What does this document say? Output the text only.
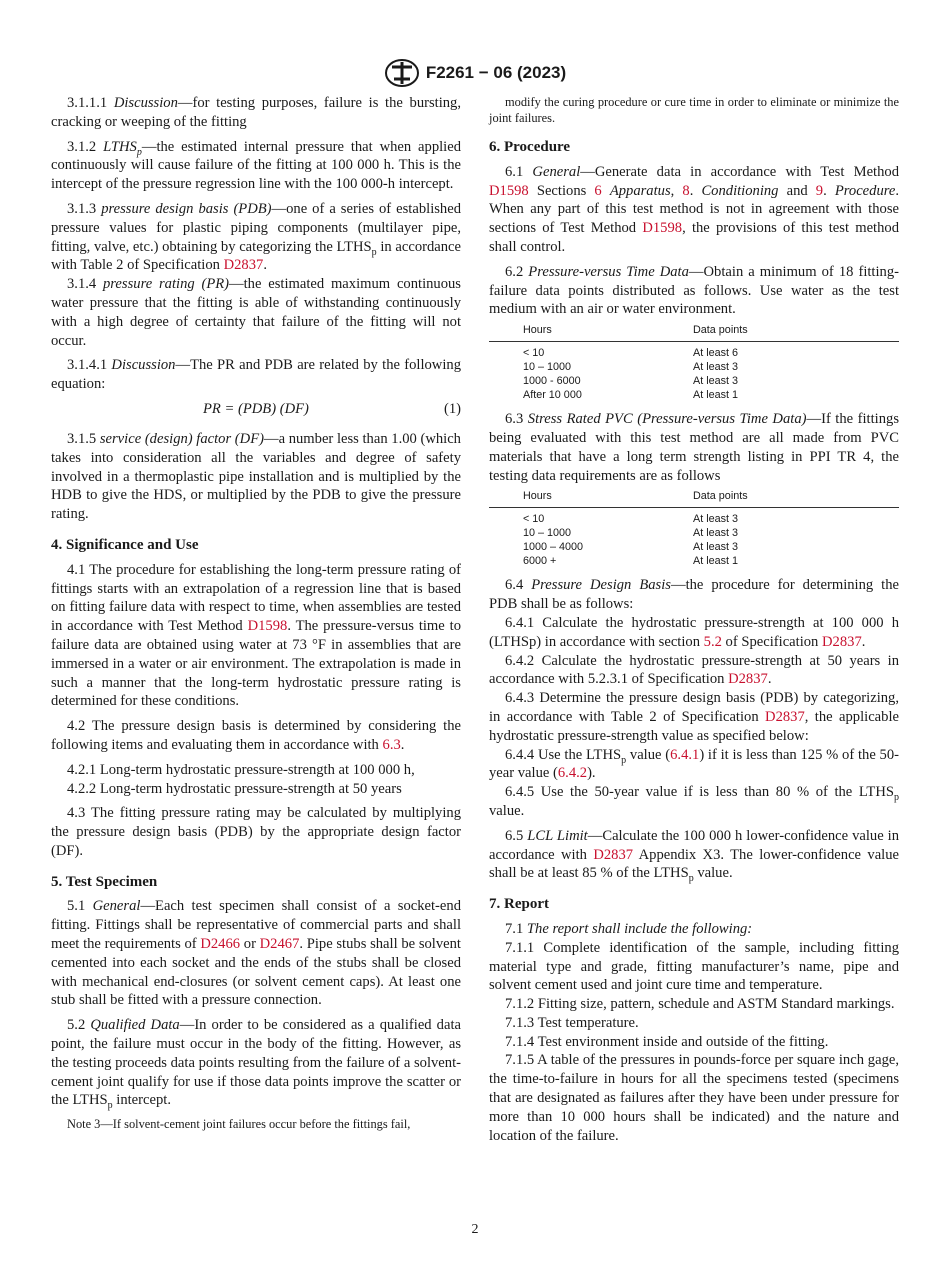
F2261 − 06 (2023)

3.1.1.1 Discussion—for testing purposes, failure is the bursting, cracking or weeping of the fitting

3.1.2 $LTHS_p—the$ estimated internal pressure that when applied continuously will cause failure of the fitting at 100 000 h. This is the intercept of the pressure regression line with the 100 000-h intercept.

3.1.3 pressure design basis (PDB)—one of a series of established pressure values for plastic piping components (multilayer pipe, fitting, valve, etc.) obtaining by categorizing the $LTHS_p$ in accordance with Table 2 of Specification D2837.

3.1.4 pressure rating (PR)—the estimated maximum continuous water pressure that the fitting is able of withstanding continuously with a high degree of certainty that failure of the fitting will not occur.

3.1.4.1 Discussion—The PR and PDB are related by the following equation:

PR = (PDB) (DF)	(1)

3.1.5 service (design) factor (DF)—a number less than 1.00 (which takes into consideration all the variables and degree of safety involved in a thermoplastic pipe installation and is multiplied by the HDB to give the HDS, or multiplied by the PDB to give the pressure rating.

4. Significance and Use

4.1 The procedure for establishing the long-term pressure rating of fittings starts with an extrapolation of a regression line that is based on fitting failure data with respect to time, when assemblies are tested in accordance with Test Method D1598. The pressure-versus time to failure data are obtained using water at 73 °F in assemblies that are immersed in a water or air environment. The extrapolation is made in such a manner that the long-term hydrostatic pressure rating is determined for these conditions.

4.2 The pressure design basis is determined by considering the following items and evaluating them in accordance with 6.3.

4.2.1 Long-term hydrostatic pressure-strength at 100 000 h,

4.2.2 Long-term hydrostatic pressure-strength at 50 years

4.3 The fitting pressure rating may be calculated by multiplying the pressure design basis (PDB) by the appropriate design factor (DF).

5. Test Specimen

5.1 General—Each test specimen shall consist of a socket-end fitting. Fittings shall be representative of commercial parts and shall meet the requirements of D2466 or D2467. Pipe stubs shall be solvent cemented into each socket and the ends of the stubs shall be closed with mechanical end-closures (or solvent cement caps). At least one stub shall be fitted with a pressure connection.

5.2 Qualified Data—In order to be considered as a qualified data point, the failure must occur in the body of the fitting. However, as the testing proceeds data points resulting from the failure of a solvent-cement joint qualify for use if those data points improve the scatter or the $LTHS_p$ intercept.

Note 3—If solvent-cement joint failures occur before the fittings fail,

modify the curing procedure or cure time in order to eliminate or minimize the joint failures.

6. Procedure

6.1 General—Generate data in accordance with Test Method D1598 Sections 6 Apparatus, 8. Conditioning and 9. Procedure. When any part of this test method is not in agreement with those sections of Test Method D1598, the provisions of this test method shall control.

6.2 Pressure-versus Time Data—Obtain a minimum of 18 fitting-failure data points distributed as follows. Use water as the test medium with an air or water environment.

Hours	Data points
< 10	At least 6
10 – 1000	At least 3
1000 - 6000	At least 3
After 10 000	At least 1

6.3 Stress Rated PVC (Pressure-versus Time Data)—If the fittings being evaluated with this test method are all made from PVC materials that have a long term strength listing in PPI TR 4, the testing data requirements are as follows

Hours	Data points
< 10	At least 3
10 – 1000	At least 3
1000 – 4000	At least 3
6000 +	At least 1

6.4 Pressure Design Basis—the procedure for determining the PDB shall be as follows:

6.4.1 Calculate the hydrostatic pressure-strength at 100 000 h (LTHSp) in accordance with section 5.2 of Specification D2837.

6.4.2 Calculate the hydrostatic pressure-strength at 50 years in accordance with 5.2.3.1 of Specification D2837.

6.4.3 Determine the pressure design basis (PDB) by categorizing, in accordance with Table 2 of Specification D2837, the applicable hydrostatic pressure-strength value as specified below:

6.4.4 Use the $LTHS_p$ value (6.4.1) if it is less than 125 % of the 50-year value (6.4.2).

6.4.5 Use the 50-year value if is less than 80 % of the $LTHS_p$ value.

6.5 LCL Limit—Calculate the 100 000 h lower-confidence value in accordance with D2837 Appendix X3. The lower-confidence value shall be at least 85 % of the $LTHS_p$ value.

7. Report

7.1 The report shall include the following:

7.1.1 Complete identification of the sample, including fitting material type and grade, fitting manufacturer’s name, pipe and solvent cement used and joint cure time and temperature.

7.1.2 Fitting size, pattern, schedule and ASTM Standard markings.

7.1.3 Test temperature.

7.1.4 Test environment inside and outside of the fitting.

7.1.5 A table of the pressures in pounds-force per square inch gage, the time-to-failure in hours for all the specimens tested (specimens that are designated as failures after they have been under pressure for more than 10 000 hours shall be indicated) and the nature and location of the failure.

2
